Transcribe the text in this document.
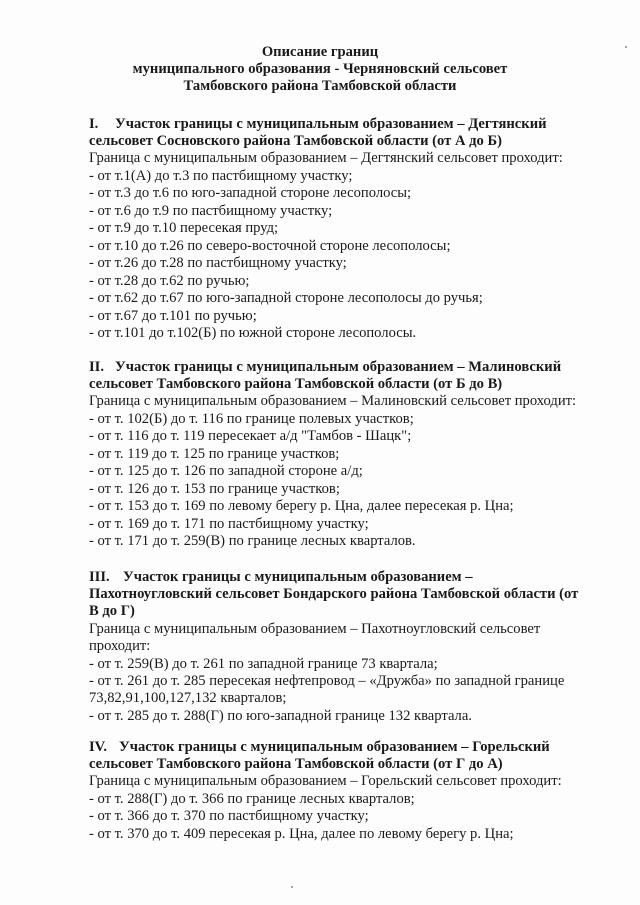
Описание границ
муниципального образования - Черняновский сельсовет
Тамбовского района Тамбовской области
I. Участок границы с муниципальным образованием – Дегтянский
сельсовет Сосновского района Тамбовской области (от А до Б)
Граница с муниципальным образованием – Дегтянский сельсовет проходит:
- от т.1(А) до т.3 по пастбищному участку;
- от т.3 до т.6 по юго-западной стороне лесополосы;
- от т.6 до т.9 по пастбищному участку;
- от т.9 до т.10 пересекая пруд;
- от т.10 до т.26 по северо-восточной стороне лесополосы;
- от т.26 до т.28 по пастбищному участку;
- от т.28 до т.62 по ручью;
- от т.62 до т.67 по юго-западной стороне лесополосы до ручья;
- от т.67 до т.101 по ручью;
- от т.101 до т.102(Б) по южной стороне лесополосы.
II. Участок границы с муниципальным образованием – Малиновский
сельсовет Тамбовского района Тамбовской области (от Б до В)
Граница с муниципальным образованием – Малиновский сельсовет проходит:
- от т. 102(Б) до т. 116 по границе полевых участков;
- от т. 116 до т. 119 пересекает а/д "Тамбов - Шацк";
- от т. 119 до т. 125 по границе участков;
- от т. 125 до т. 126 по западной стороне а/д;
- от т. 126 до т. 153 по границе участков;
- от т. 153 до т. 169 по левому берегу р. Цна, далее пересекая р. Цна;
- от т. 169 до т. 171 по пастбищному участку;
- от т. 171 до т. 259(В) по границе лесных кварталов.
III. Участок границы с муниципальным образованием –
Пахотноугловский сельсовет Бондарского района Тамбовской области (от
В до Г)
Граница с муниципальным образованием – Пахотноугловский сельсовет
проходит:
- от т. 259(В) до т. 261 по западной границе 73 квартала;
- от т. 261 до т. 285 пересекая нефтепровод – «Дружба» по западной границе
73,82,91,100,127,132 кварталов;
- от т. 285 до т. 288(Г) по юго-западной границе 132 квартала.
IV. Участок границы с муниципальным образованием – Горельский
сельсовет Тамбовского района Тамбовской области (от Г до А)
Граница с муниципальным образованием – Горельский сельсовет проходит:
- от т. 288(Г) до т. 366 по границе лесных кварталов;
- от т. 366 до т. 370 по пастбищному участку;
- от т. 370 до т. 409 пересекая р. Цна, далее по левому берегу р. Цна;
